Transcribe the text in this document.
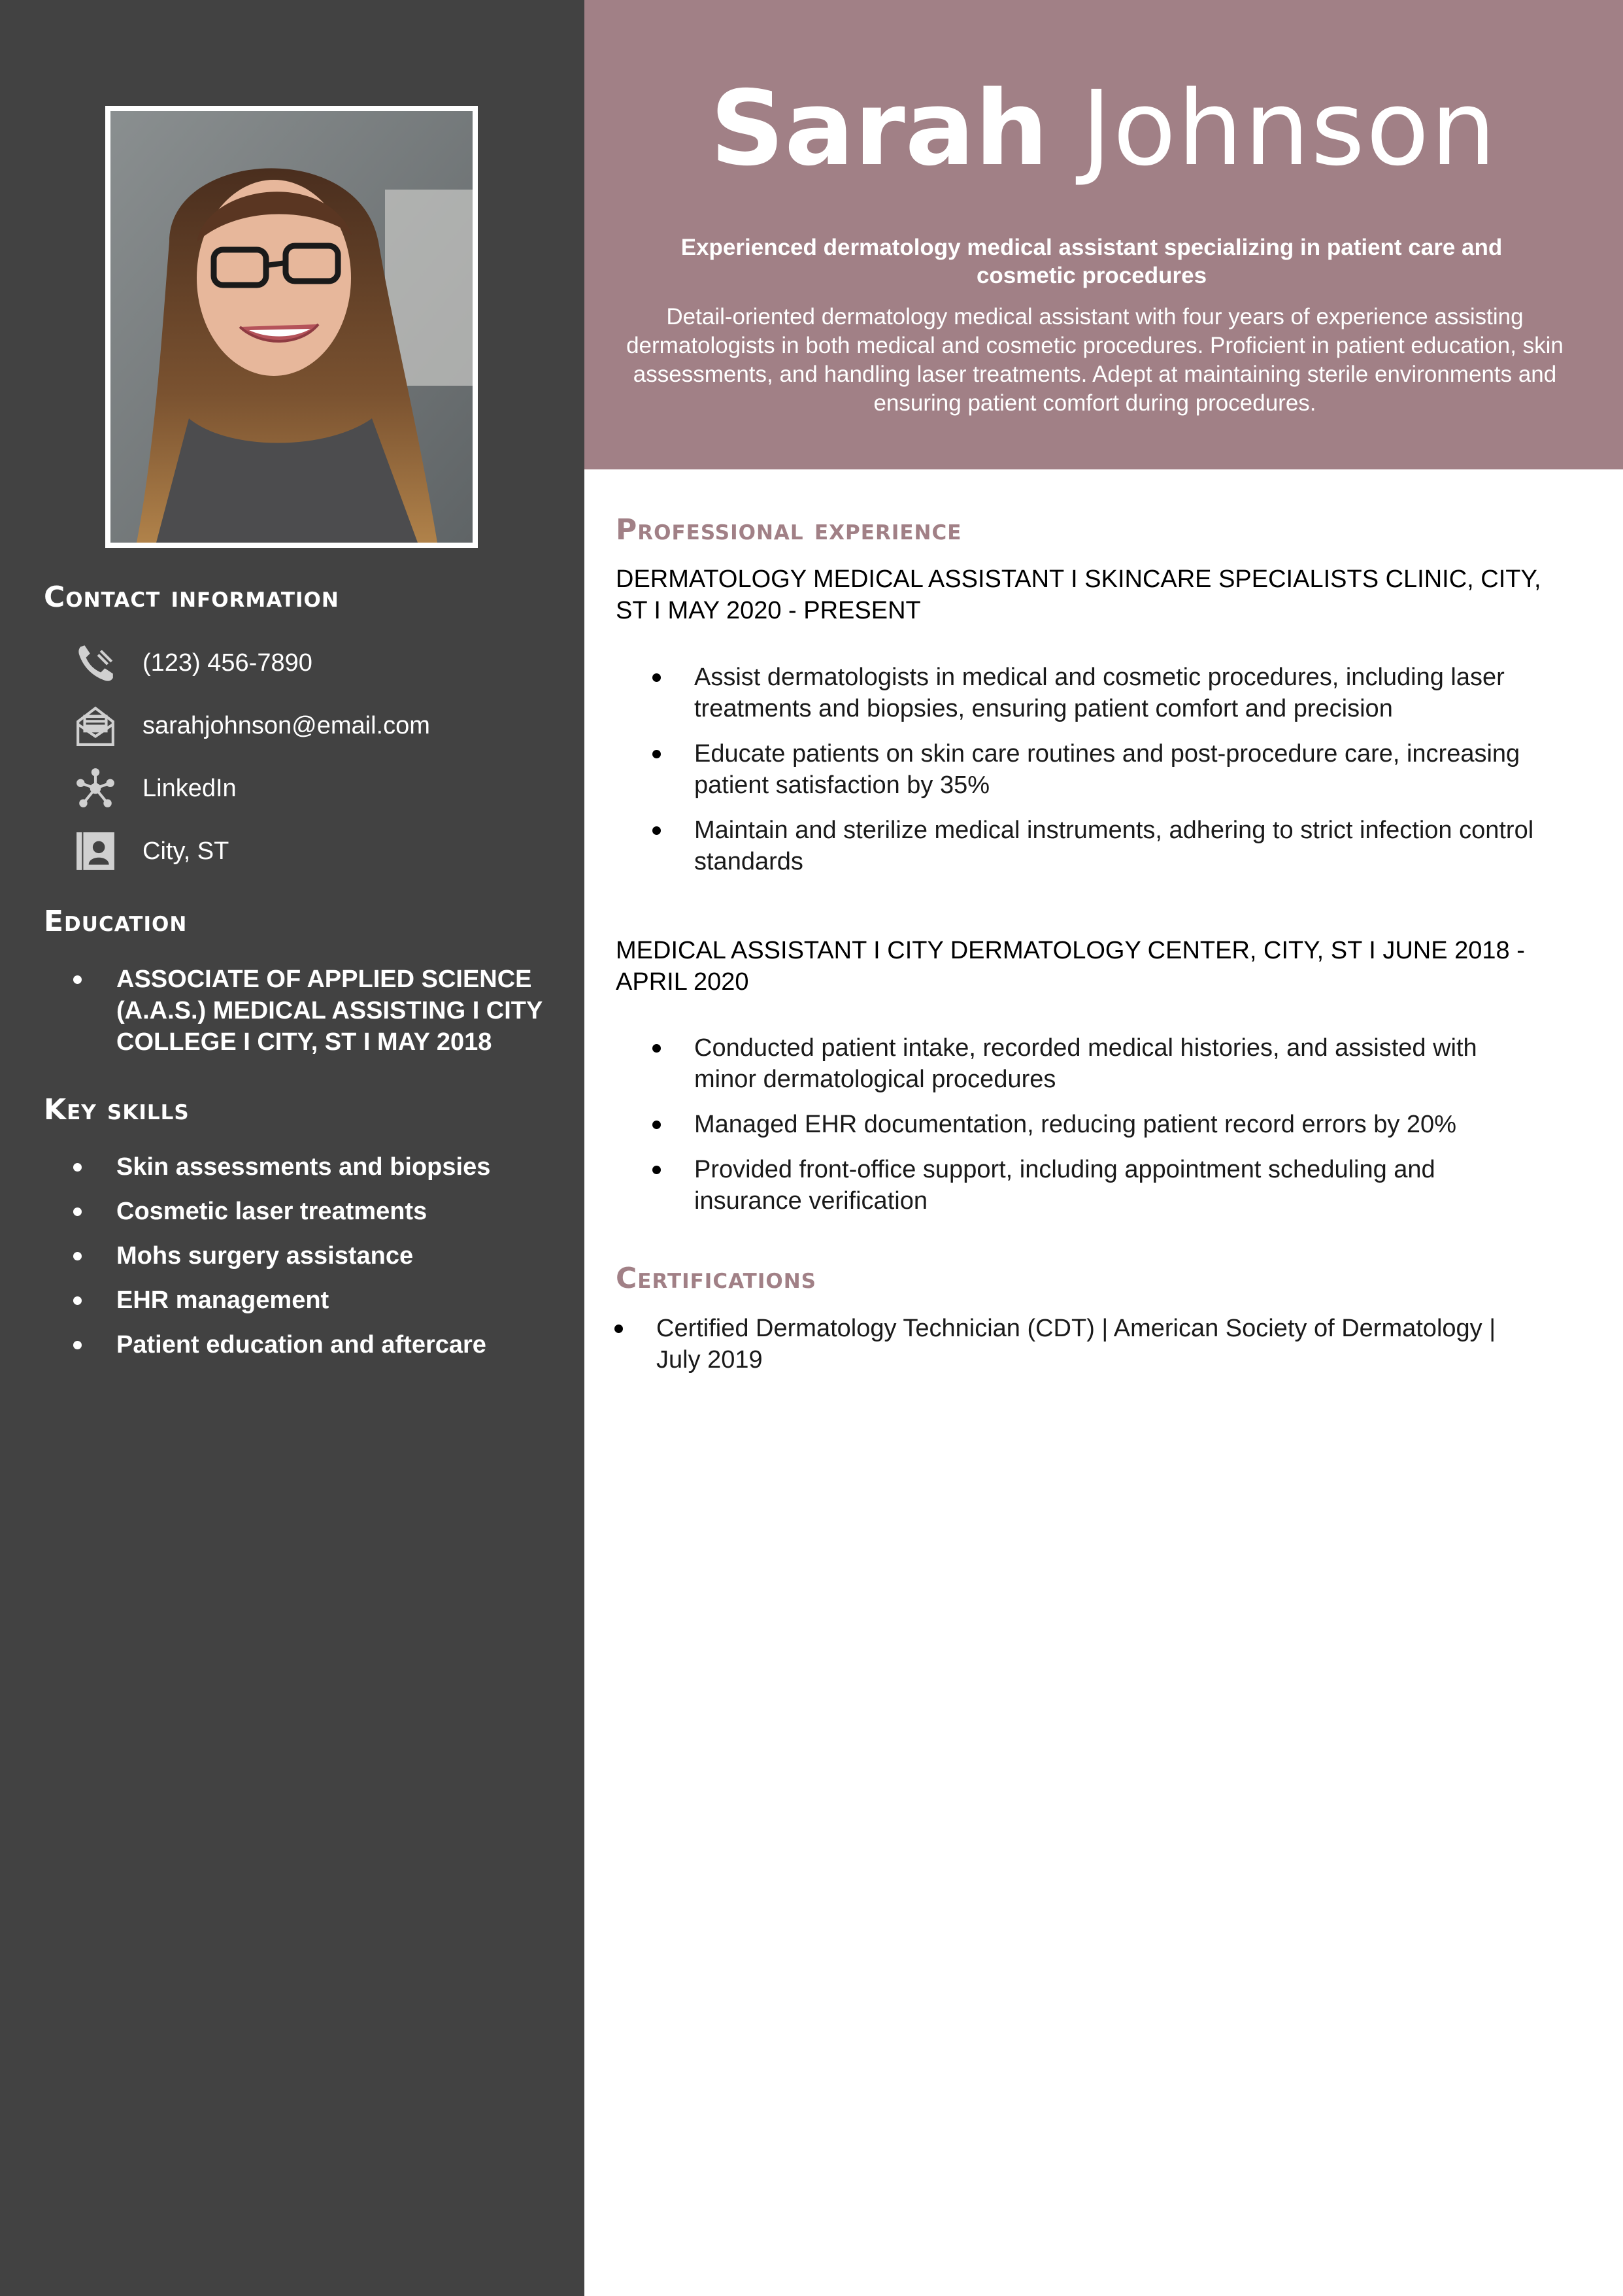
Contact information
(123) 456-7890
sarahjohnson@email.com
LinkedIn
City, ST
Education
ASSOCIATE OF APPLIED SCIENCE (A.A.S.) MEDICAL ASSISTING I CITY COLLEGE I CITY, ST I MAY 2018
Key skills
Skin assessments and biopsies
Cosmetic laser treatments
Mohs surgery assistance
EHR management
Patient education and aftercare
Sarah Johnson
Experienced dermatology medical assistant specializing in patient care and cosmetic procedures
Detail-oriented dermatology medical assistant with four years of experience assisting dermatologists in both medical and cosmetic procedures. Proficient in patient education, skin assessments, and handling laser treatments. Adept at maintaining sterile environments and ensuring patient comfort during procedures.
Professional experience
DERMATOLOGY MEDICAL ASSISTANT I SKINCARE SPECIALISTS CLINIC, CITY, ST I MAY 2020 - PRESENT
Assist dermatologists in medical and cosmetic procedures, including laser treatments and biopsies, ensuring patient comfort and precision
Educate patients on skin care routines and post-procedure care, increasing patient satisfaction by 35%
Maintain and sterilize medical instruments, adhering to strict infection control standards
MEDICAL ASSISTANT I CITY DERMATOLOGY CENTER, CITY, ST I JUNE 2018 - APRIL 2020
Conducted patient intake, recorded medical histories, and assisted with minor dermatological procedures
Managed EHR documentation, reducing patient record errors by 20%
Provided front-office support, including appointment scheduling and insurance verification
Certifications
Certified Dermatology Technician (CDT) | American Society of Dermatology | July 2019
